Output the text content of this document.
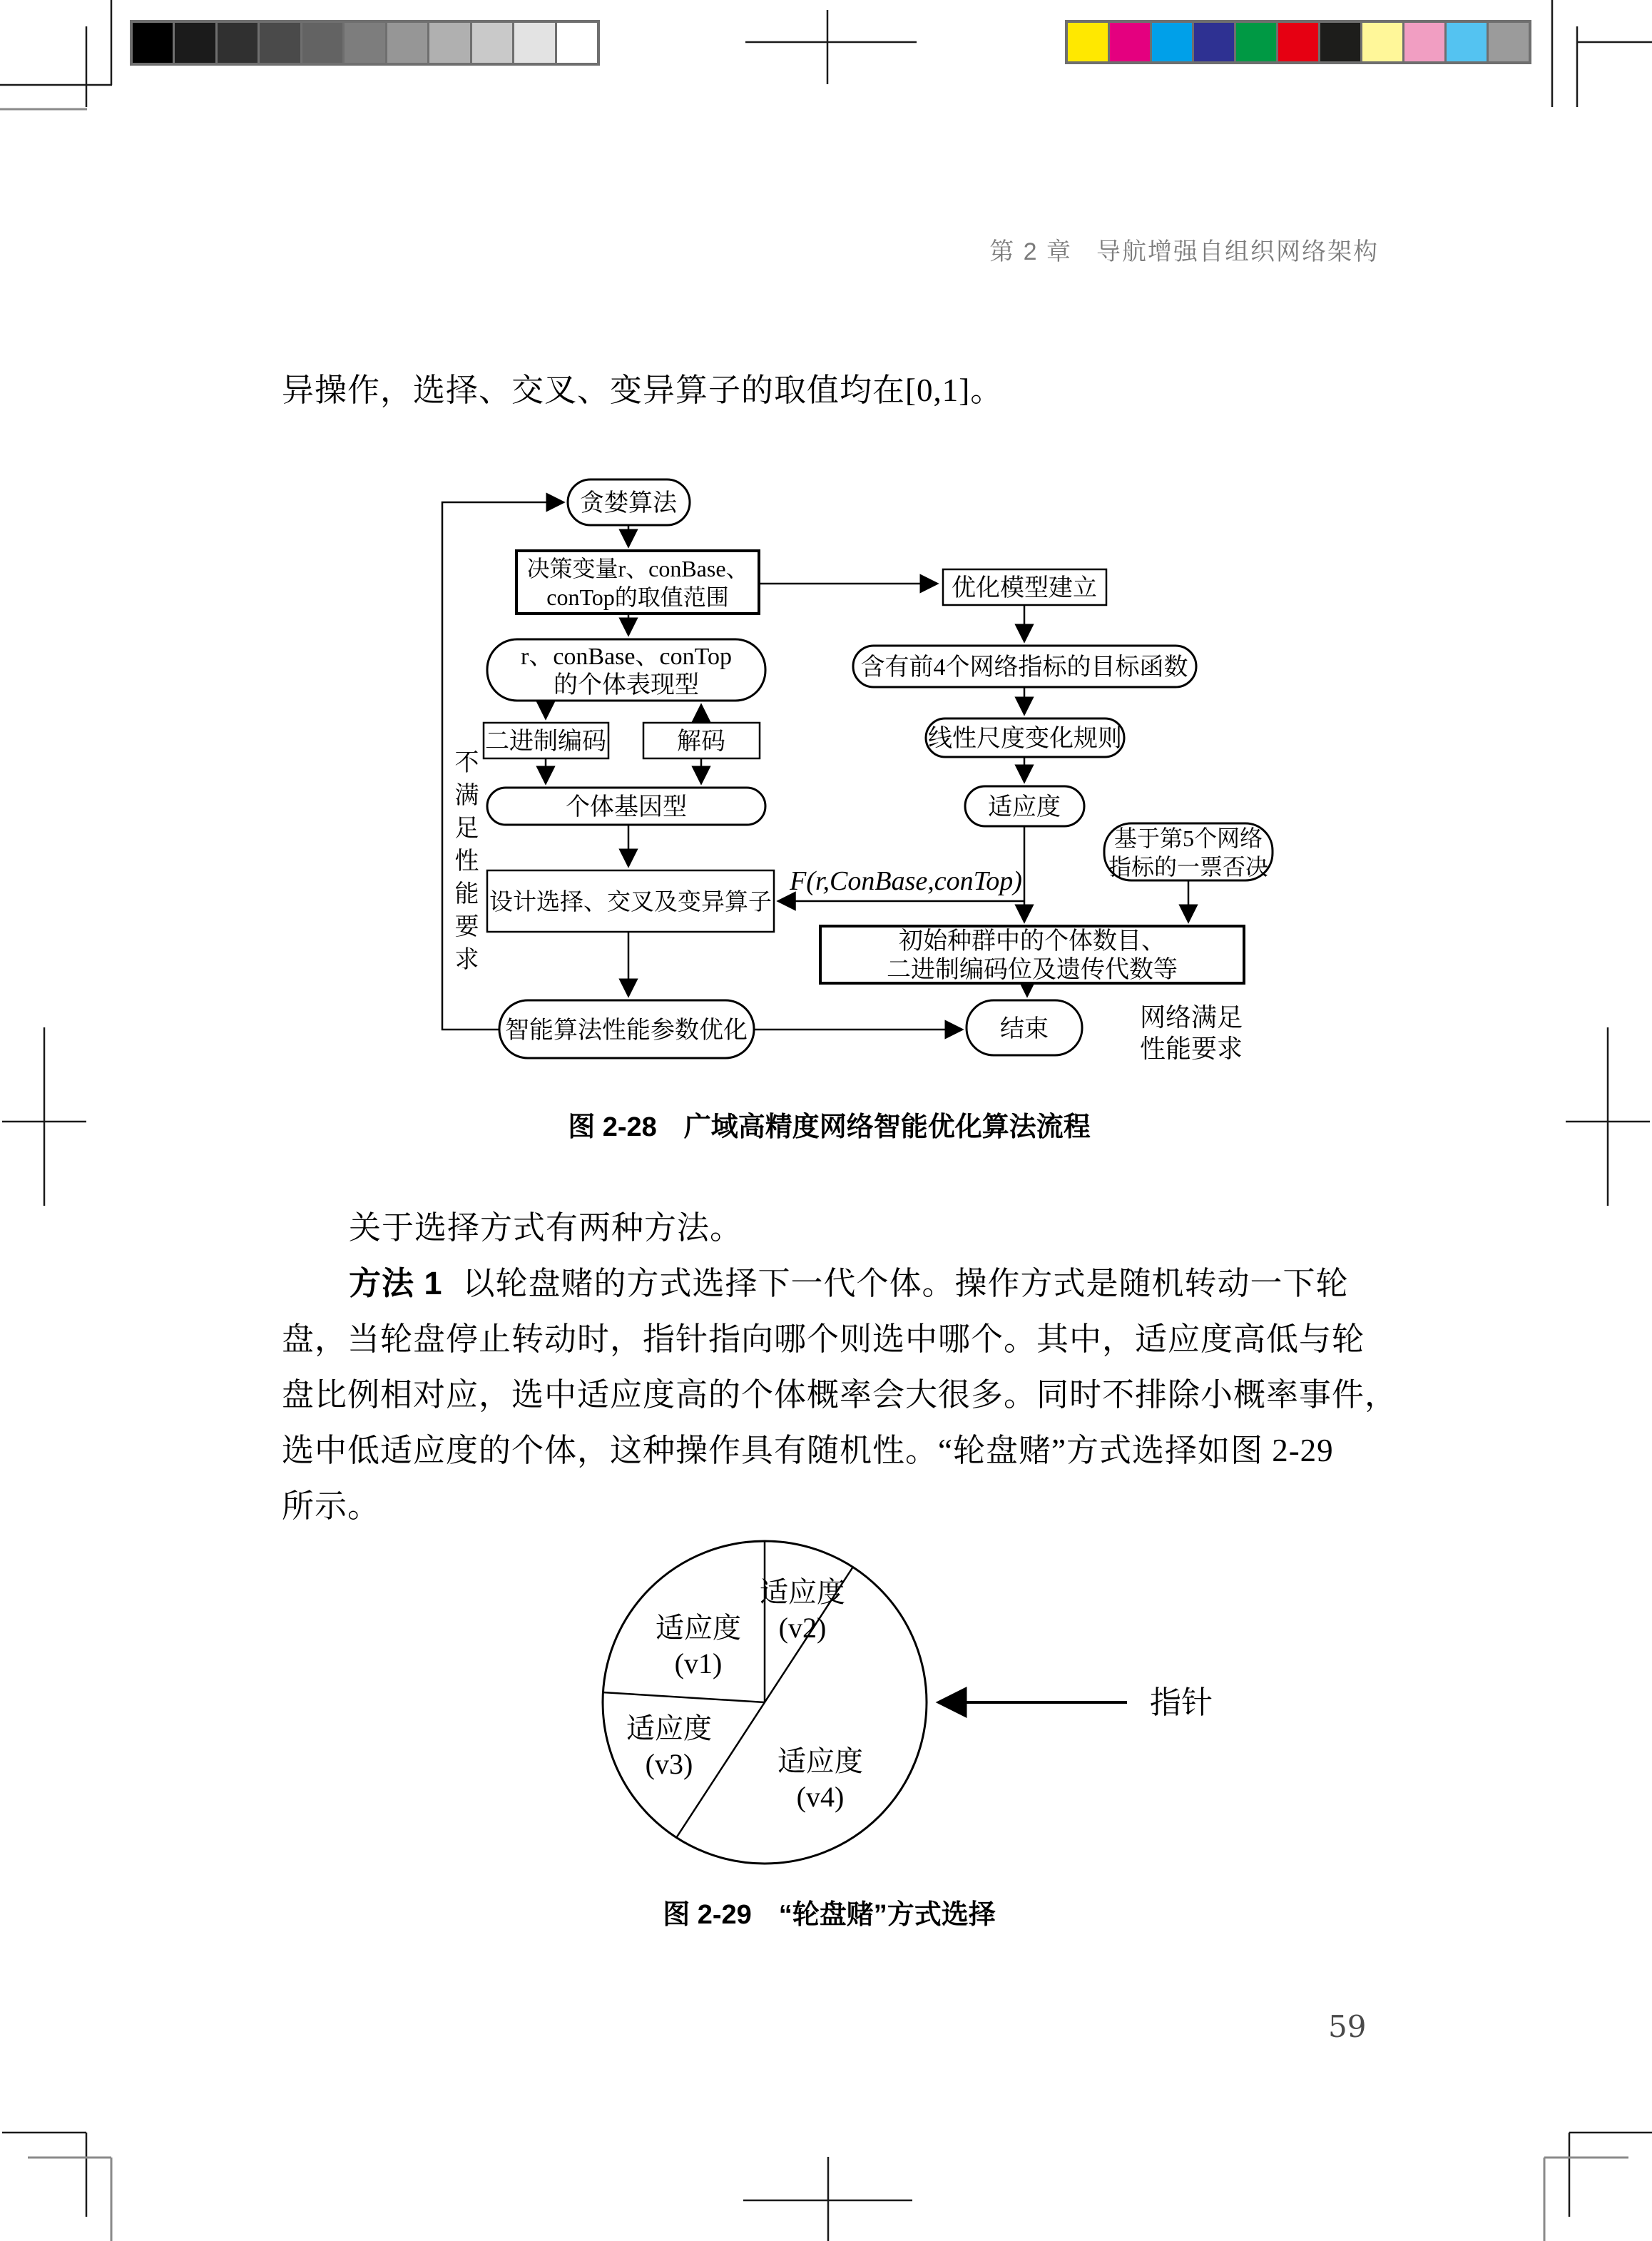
第 2 章 导航增强自组织网络架构
异操作，选择、交叉、变异算子的取值均在[0,1]。
关于选择方式有两种方法。
方法 1 以轮盘赌的方式选择下一代个体。操作方式是随机转动一下轮
盘，当轮盘停止转动时，指针指向哪个则选中哪个。其中，适应度高低与轮
盘比例相对应，选中适应度高的个体概率会大很多。同时不排除小概率事件，
选中低适应度的个体，这种操作具有随机性。“轮盘赌”方式选择如图 2-29
所示。
图 2-28　广域高精度网络智能优化算法流程
图 2-29　“轮盘赌”方式选择
不满足性能要求
网络满足
性能要求
59
贪婪算法
决策变量r、conBase、
conTop的取值范围	优化模型建立
r、conBase、conTop
的个体表现型
含有前4个网络指标的目标函数
二进制编码	解码	线性尺度变化规则
个体基因型	适应度
基于第5个网络
指标的一票否决
设计选择、交叉及变异算子
初始种群中的个体数目、
二进制编码位及遗传代数等
智能算法性能参数优化	结束
F(r,ConBase,conTop)
适应度
(v1)
适应度
(v2)
适应度
(v3)	适应度
(v4)
指针
